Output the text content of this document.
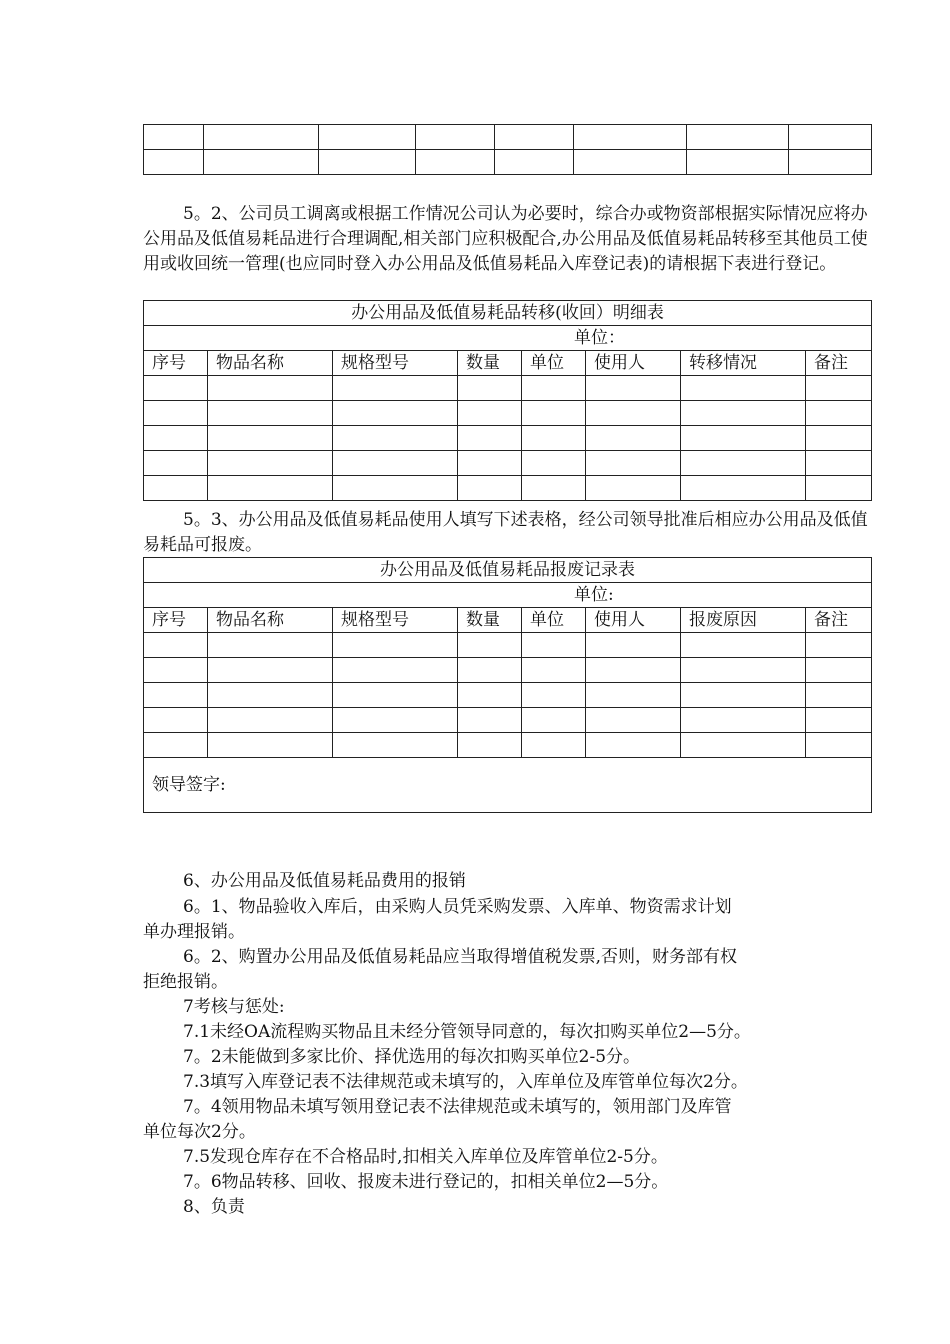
5。2、公司员工调离或根据工作情况公司认为必要时，综合办或物资部根据实际情况应将办公用品及低值易耗品进行合理调配,相关部门应积极配合,办公用品及低值易耗品转移至其他员工使用或收回统一管理(也应同时登入办公用品及低值易耗品入库登记表)的请根据下表进行登记。

办公用品及低值易耗品转移(收回）明细表							
单位：							
序号	物品名称	规格型号	数量	单位	使用人	转移情况	备注

5。3、办公用品及低值易耗品使用人填写下述表格，经公司领导批准后相应办公用品及低值易耗品可报废。

办公用品及低值易耗品报废记录表							
单位:							
序号	物品名称	规格型号	数量	单位	使用人	报废原因	备注

领导签字:							

6、办公用品及低值易耗品费用的报销

6。1、物品验收入库后，由采购人员凭采购发票、入库单、物资需求计划

单办理报销。

6。2、购置办公用品及低值易耗品应当取得增值税发票,否则，财务部有权

拒绝报销。

7考核与惩处:

7.1未经OA流程购买物品且未经分管领导同意的，每次扣购买单位2—5分。

7。2未能做到多家比价、择优选用的每次扣购买单位2-5分。

7.3填写入库登记表不法律规范或未填写的，入库单位及库管单位每次2分。

7。4领用物品未填写领用登记表不法律规范或未填写的，领用部门及库管

单位每次2分。

7.5发现仓库存在不合格品时,扣相关入库单位及库管单位2-5分。

7。6物品转移、回收、报废未进行登记的，扣相关单位2—5分。

8、负责
